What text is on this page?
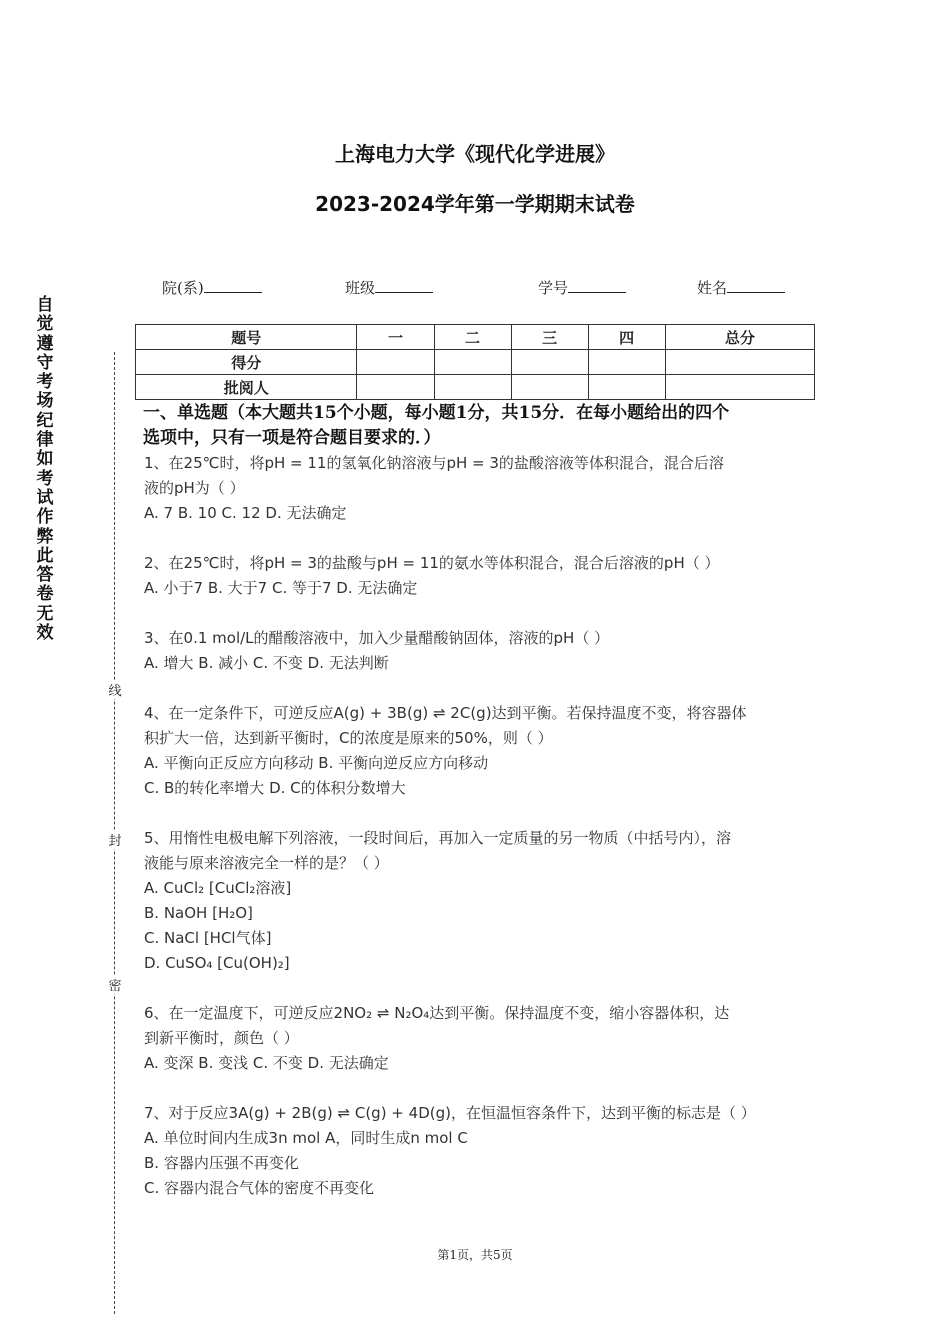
上海电力大学《现代化学进展》
2023-2024学年第一学期期末试卷
院(系)	班级	学号	姓名
自
觉
遵
守
考
场
纪
律
如
考
试
作
弊
此
答
卷
无
效
线
封
密
题号	一	二	三	四	总分
得分					
批阅人					
一、单选题（本大题共15个小题，每小题1分，共15分．在每小题给出的四个
选项中，只有一项是符合题目要求的．）
1、在25℃时，将pH = 11的氢氧化钠溶液与pH = 3的盐酸溶液等体积混合，混合后溶
液的pH为（ ）
A. 7 B. 10 C. 12 D. 无法确定
2、在25℃时，将pH = 3的盐酸与pH = 11的氨水等体积混合，混合后溶液的pH（ ）
A. 小于7 B. 大于7 C. 等于7 D. 无法确定
3、在0.1 mol/L的醋酸溶液中，加入少量醋酸钠固体，溶液的pH（ ）
A. 增大 B. 减小 C. 不变 D. 无法判断
4、在一定条件下，可逆反应A(g) + 3B(g) ⇌ 2C(g)达到平衡。若保持温度不变，将容器体
积扩大一倍，达到新平衡时，C的浓度是原来的50%，则（ ）
A. 平衡向正反应方向移动 B. 平衡向逆反应方向移动
C. B的转化率增大 D. C的体积分数增大
5、用惰性电极电解下列溶液，一段时间后，再加入一定质量的另一物质（中括号内），溶
液能与原来溶液完全一样的是？（ ）
A. CuCl₂ [CuCl₂溶液]
B. NaOH [H₂O]
C. NaCl [HCl气体]
D. CuSO₄ [Cu(OH)₂]
6、在一定温度下，可逆反应2NO₂ ⇌ N₂O₄达到平衡。保持温度不变，缩小容器体积，达
到新平衡时，颜色（ ）
A. 变深 B. 变浅 C. 不变 D. 无法确定
7、对于反应3A(g) + 2B(g) ⇌ C(g) + 4D(g)，在恒温恒容条件下，达到平衡的标志是（ ）
A. 单位时间内生成3n mol A，同时生成n mol C
B. 容器内压强不再变化
C. 容器内混合气体的密度不再变化
第1页，共5页
